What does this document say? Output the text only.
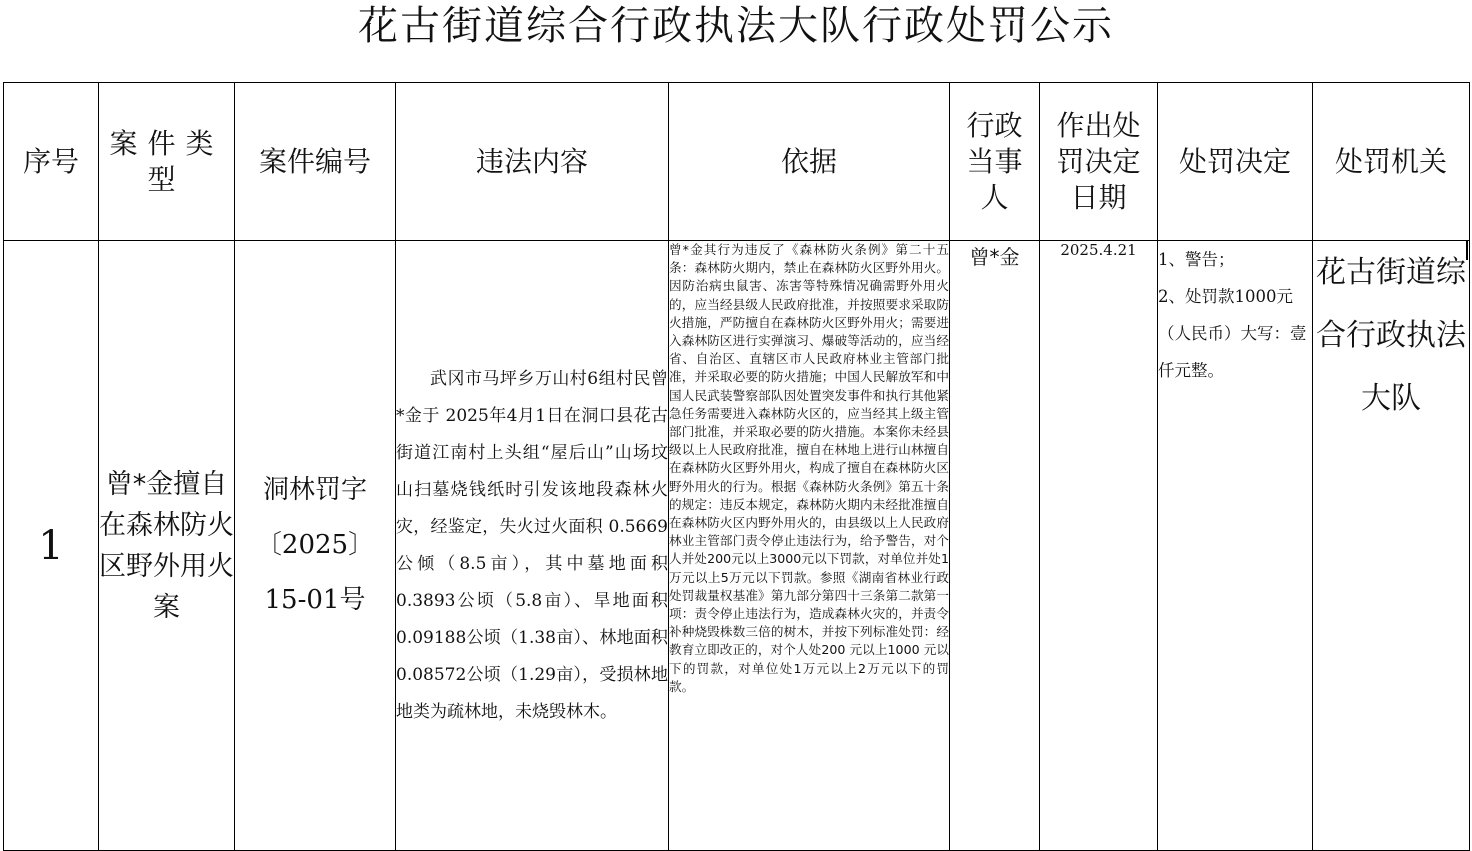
花古街道综合行政执法大队行政处罚公示
序号	案件类型	案件编号	违法内容	依据	行政当事人	作出处罚决定日期	处罚决定	处罚机关
1	曾*金擅自在森林防火区野外用火案	洞林罚字〔2025〕15-01号	武冈市马坪乡万山村6组村民曾*金于 2025年4月1日在洞口县花古街道江南村上头组“屋后山”山场坟山扫墓烧钱纸时引发该地段森林火灾，经鉴定，失火过火面积 0.5669公倾（8.5亩），其中墓地面积 0.3893公顷（5.8亩）、旱地面积0.09188公顷（1.38亩）、林地面积 0.08572公顷（1.29亩），受损林地地类为疏林地，未烧毁林木。	曾*金其行为违反了《森林防火条例》第二十五条：森林防火期内，禁止在森林防火区野外用火。因防治病虫鼠害、冻害等特殊情况确需野外用火的，应当经县级人民政府批准，并按照要求采取防火措施，严防擅自在森林防火区野外用火；需要进入森林防区进行实弹演习、爆破等活动的，应当经省、自治区、直辖区市人民政府林业主管部门批准，并采取必要的防火措施；中国人民解放军和中国人民武装警察部队因处置突发事件和执行其他紧急任务需要进入森林防火区的，应当经其上级主管部门批准，并采取必要的防火措施。本案你未经县级以上人民政府批准，擅自在林地上进行山林擅自在森林防火区野外用火，构成了擅自在森林防火区野外用火的行为。根据《森林防火条例》第五十条的规定：违反本规定，森林防火期内未经批准擅自在森林防火区内野外用火的，由县级以上人民政府林业主管部门责令停止违法行为，给予警告，对个人并处200元以上3000元以下罚款，对单位并处1万元以上5万元以下罚款。参照《湖南省林业行政处罚裁量权基准》第九部分第四十三条第二款第一项：责令停止违法行为，造成森林火灾的，并责令补种烧毁株数三倍的树木，并按下列标准处罚：经教育立即改正的，对个人处200 元以上1000 元以下的罚款，对单位处1万元以上2万元以下的罚款。	曾*金	2025.4.21	1、警告；
2、处罚款1000元（人民币）大写：壹仟元整。	花古街道综合行政执法大队
